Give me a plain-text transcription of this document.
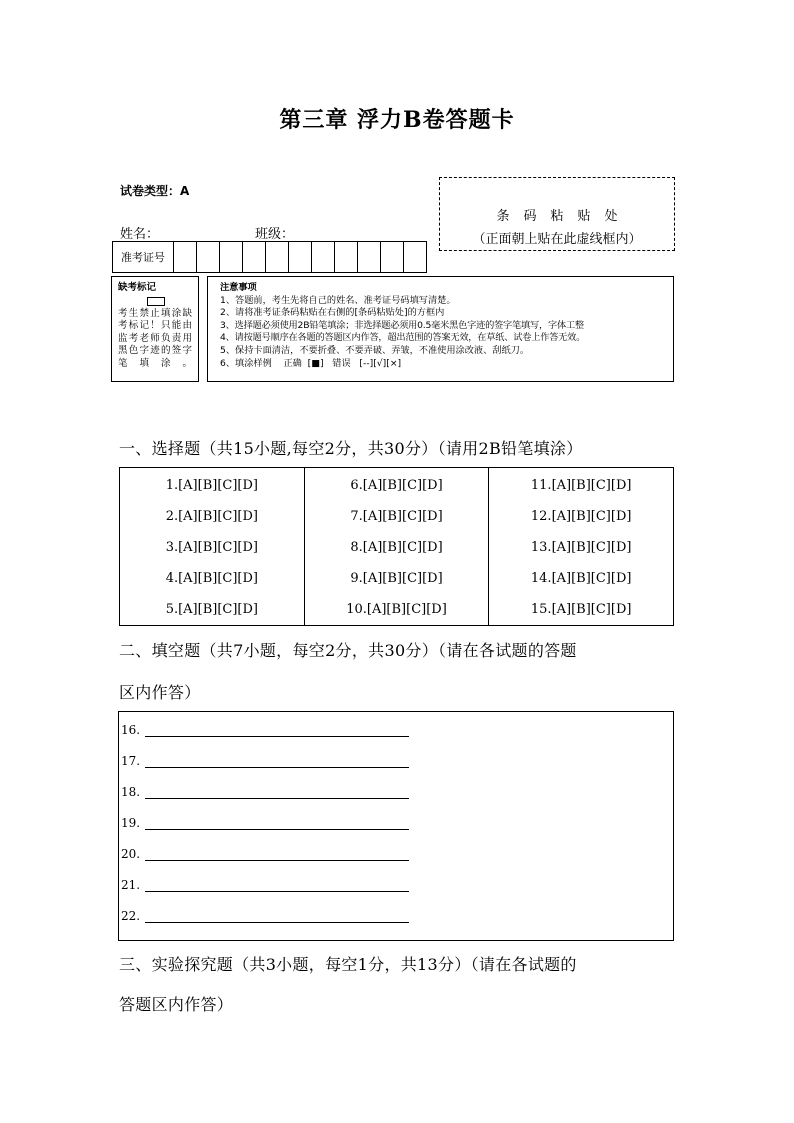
第三章 浮力B卷答题卡
试卷类型：A
姓名：	班级：
条码粘贴处
（正面朝上贴在此虚线框内）
准考证号
缺考标记
考生禁止填涂缺考标记！只能由监考老师负责用黑色字迹的签字笔填涂。
注意事项
1、答题前，考生先将自己的姓名、准考证号码填写清楚。
2、请将准考证条码粘贴在右侧的[条码粘贴处]的方框内
3、选择题必须使用2B铅笔填涂；非选择题必须用0.5毫米黑色字迹的签字笔填写，字体工整
4、请按题号顺序在各题的答题区内作答，超出范围的答案无效，在草纸、试卷上作答无效。
5、保持卡面清洁，不要折叠、不要弄破、弄皱，不准使用涂改液、刮纸刀。
6、填涂样例    正确  [■]   错误   [--][√][×]
一、选择题（共15小题,每空2分，共30分）（请用2B铅笔填涂）
1.[A][B][C][D]
2.[A][B][C][D]
3.[A][B][C][D]
4.[A][B][C][D]
5.[A][B][C][D]
6.[A][B][C][D]
7.[A][B][C][D]
8.[A][B][C][D]
9.[A][B][C][D]
10.[A][B][C][D]
11.[A][B][C][D]
12.[A][B][C][D]
13.[A][B][C][D]
14.[A][B][C][D]
15.[A][B][C][D]
二、填空题（共7小题，每空2分，共30分）（请在各试题的答题
区内作答）
16.
17.
18.
19.
20.
21.
22.
三、实验探究题（共3小题，每空1分，共13分）（请在各试题的
答题区内作答）
